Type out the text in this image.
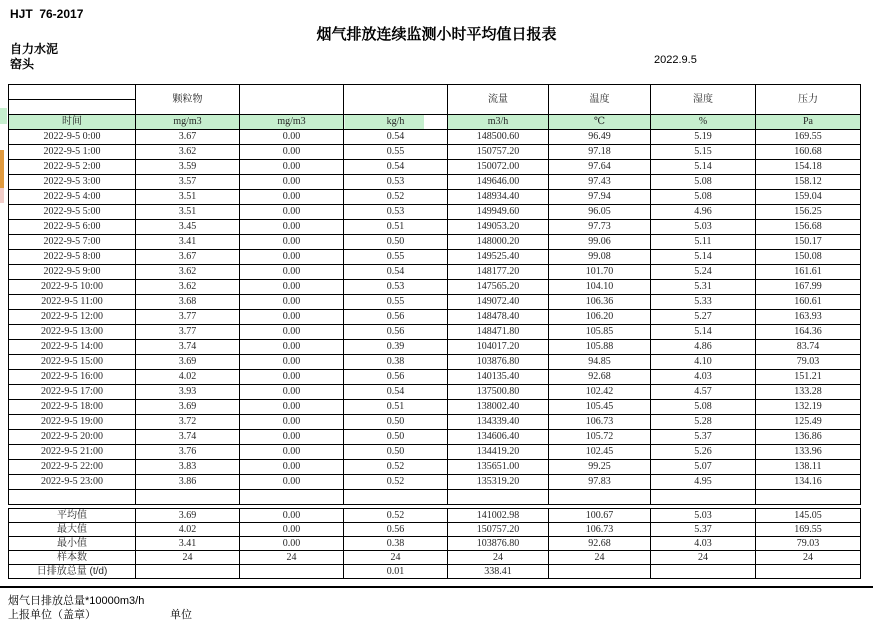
HJT  76-2017
烟气排放连续监测小时平均值日报表
自力水泥
窑头	2022.9.5
	颗粒物			流量	温度	湿度	压力

时间	mg/m3	mg/m3	kg/h	m3/h	℃	%	Pa
2022-9-5 0:00	3.67	0.00	0.54	148500.60	96.49	5.19	169.55
2022-9-5 1:00	3.62	0.00	0.55	150757.20	97.18	5.15	160.68
2022-9-5 2:00	3.59	0.00	0.54	150072.00	97.64	5.14	154.18
2022-9-5 3:00	3.57	0.00	0.53	149646.00	97.43	5.08	158.12
2022-9-5 4:00	3.51	0.00	0.52	148934.40	97.94	5.08	159.04
2022-9-5 5:00	3.51	0.00	0.53	149949.60	96.05	4.96	156.25
2022-9-5 6:00	3.45	0.00	0.51	149053.20	97.73	5.03	156.68
2022-9-5 7:00	3.41	0.00	0.50	148000.20	99.06	5.11	150.17
2022-9-5 8:00	3.67	0.00	0.55	149525.40	99.08	5.14	150.08
2022-9-5 9:00	3.62	0.00	0.54	148177.20	101.70	5.24	161.61
2022-9-5 10:00	3.62	0.00	0.53	147565.20	104.10	5.31	167.99
2022-9-5 11:00	3.68	0.00	0.55	149072.40	106.36	5.33	160.61
2022-9-5 12:00	3.77	0.00	0.56	148478.40	106.20	5.27	163.93
2022-9-5 13:00	3.77	0.00	0.56	148471.80	105.85	5.14	164.36
2022-9-5 14:00	3.74	0.00	0.39	104017.20	105.88	4.86	83.74
2022-9-5 15:00	3.69	0.00	0.38	103876.80	94.85	4.10	79.03
2022-9-5 16:00	4.02	0.00	0.56	140135.40	92.68	4.03	151.21
2022-9-5 17:00	3.93	0.00	0.54	137500.80	102.42	4.57	133.28
2022-9-5 18:00	3.69	0.00	0.51	138002.40	105.45	5.08	132.19
2022-9-5 19:00	3.72	0.00	0.50	134339.40	106.73	5.28	125.49
2022-9-5 20:00	3.74	0.00	0.50	134606.40	105.72	5.37	136.86
2022-9-5 21:00	3.76	0.00	0.50	134419.20	102.45	5.26	133.96
2022-9-5 22:00	3.83	0.00	0.52	135651.00	99.25	5.07	138.11
2022-9-5 23:00	3.86	0.00	0.52	135319.20	97.83	4.95	134.16

平均值	3.69	0.00	0.52	141002.98	100.67	5.03	145.05
最大值	4.02	0.00	0.56	150757.20	106.73	5.37	169.55
最小值	3.41	0.00	0.38	103876.80	92.68	4.03	79.03
样本数	24	24	24	24	24	24	24
日排放总量 (t/d)			0.01	338.41			
烟气日排放总量*10000m3/h
上报单位（盖章）	单位
